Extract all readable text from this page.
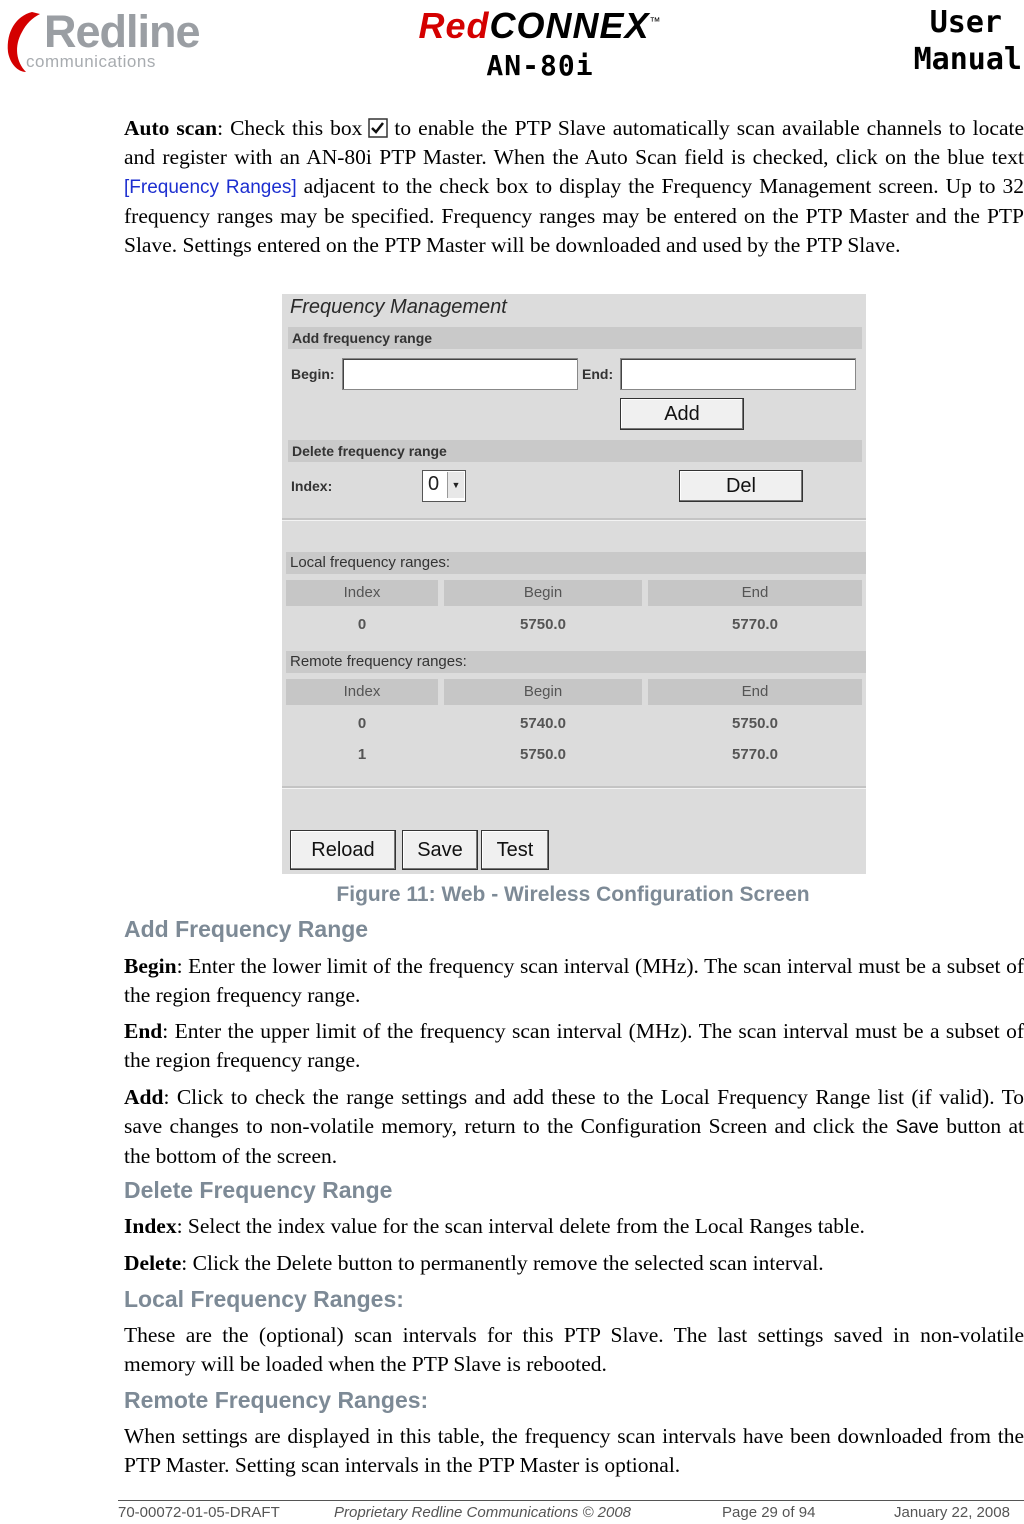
Redline
communications
RedCONNEX™
AN-80i
User
Manual

Auto scan: Check this box to enable the PTP Slave automatically scan available channels to locate and register with an AN-80i PTP Master. When the Auto Scan field is checked, click on the blue text [Frequency Ranges] adjacent to the check box to display the Frequency Management screen. Up to 32 frequency ranges may be specified. Frequency ranges may be entered on the PTP Master and the PTP Slave. Settings entered on the PTP Master will be downloaded and used by the PTP Slave.

Frequency Management
Add frequency range
Begin:	End:
Add
Delete frequency range
Index:	0	▼	Del
Local frequency ranges:
Index	Begin	End
0	5750.0	5770.0
Remote frequency ranges:
Index	Begin	End
0	5740.0	5750.0
1	5750.0	5770.0
Reload	Save	Test
Figure 11: Web - Wireless Configuration Screen

Add Frequency Range

Begin: Enter the lower limit of the frequency scan interval (MHz). The scan interval must be a subset of the region frequency range.

End: Enter the upper limit of the frequency scan interval (MHz). The scan interval must be a subset of the region frequency range.

Add: Click to check the range settings and add these to the Local Frequency Range list (if valid). To save changes to non-volatile memory, return to the Configuration Screen and click the Save button at the bottom of the screen.

Delete Frequency Range

Index: Select the index value for the scan interval delete from the Local Ranges table.

Delete: Click the Delete button to permanently remove the selected scan interval.

Local Frequency Ranges:

These are the (optional) scan intervals for this PTP Slave. The last settings saved in non-volatile memory will be loaded when the PTP Slave is rebooted.

Remote Frequency Ranges:

When settings are displayed in this table, the frequency scan intervals have been downloaded from the PTP Master. Setting scan intervals in the PTP Master is optional.

70-00072-01-05-DRAFT	Proprietary Redline Communications © 2008	Page 29 of 94	January 22, 2008
